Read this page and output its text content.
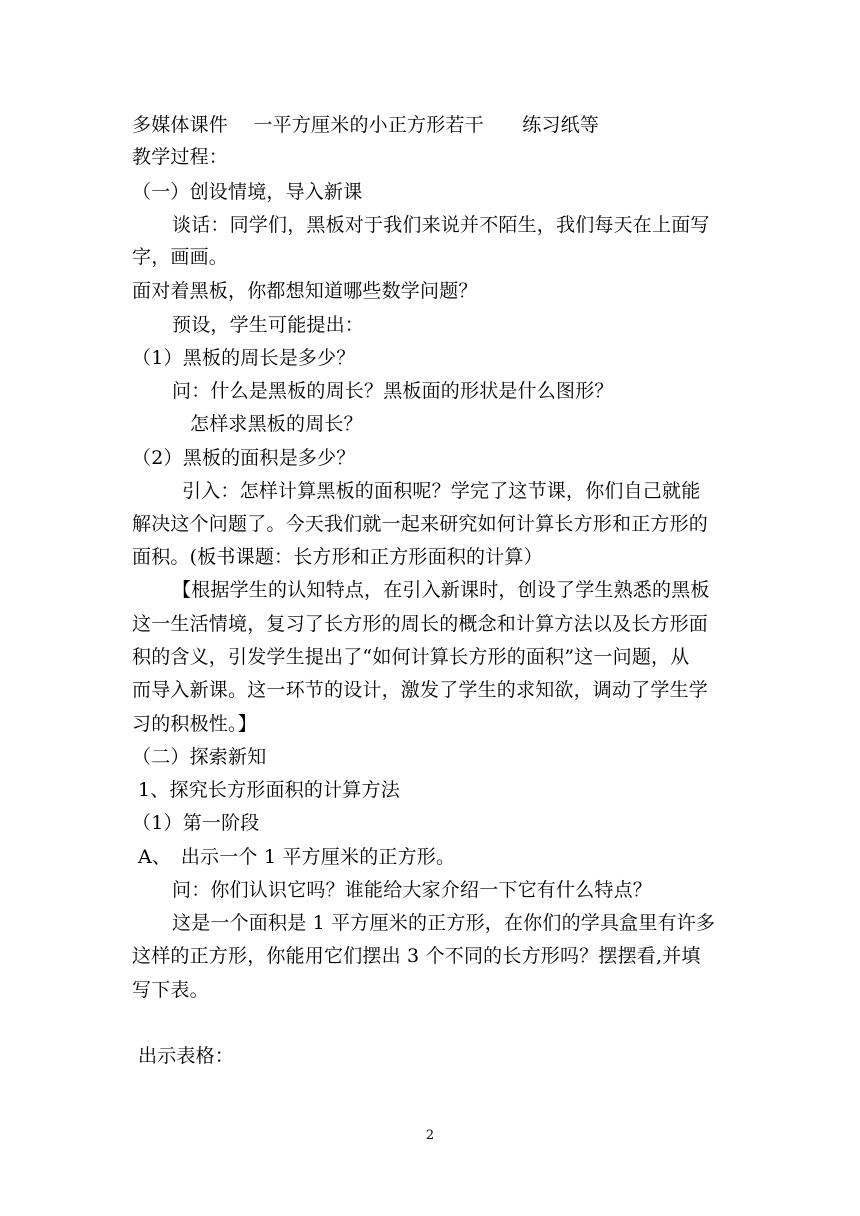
多媒体课件　 一平方厘米的小正方形若干　　练习纸等
教学过程：
（一）创设情境，导入新课
谈话：同学们，黑板对于我们来说并不陌生，我们每天在上面写
字，画画。
面对着黑板，你都想知道哪些数学问题？
预设，学生可能提出：
（1）黑板的周长是多少？
问：什么是黑板的周长？黑板面的形状是什么图形？
怎样求黑板的周长？
（2）黑板的面积是多少？
引入：怎样计算黑板的面积呢？学完了这节课，你们自己就能
解决这个问题了。今天我们就一起来研究如何计算长方形和正方形的
面积。(板书课题：长方形和正方形面积的计算）
【根据学生的认知特点，在引入新课时，创设了学生熟悉的黑板
这一生活情境，复习了长方形的周长的概念和计算方法以及长方形面
积的含义，引发学生提出了“如何计算长方形的面积”这一问题，从
而导入新课。这一环节的设计，激发了学生的求知欲，调动了学生学
习的积极性。】
（二）探索新知
1、探究长方形面积的计算方法
（1）第一阶段
A、　出示一个 1 平方厘米的正方形。
问：你们认识它吗？谁能给大家介绍一下它有什么特点？
这是一个面积是 1 平方厘米的正方形，在你们的学具盒里有许多
这样的正方形，你能用它们摆出 3 个不同的长方形吗？摆摆看,并填
写下表。
出示表格：
2
